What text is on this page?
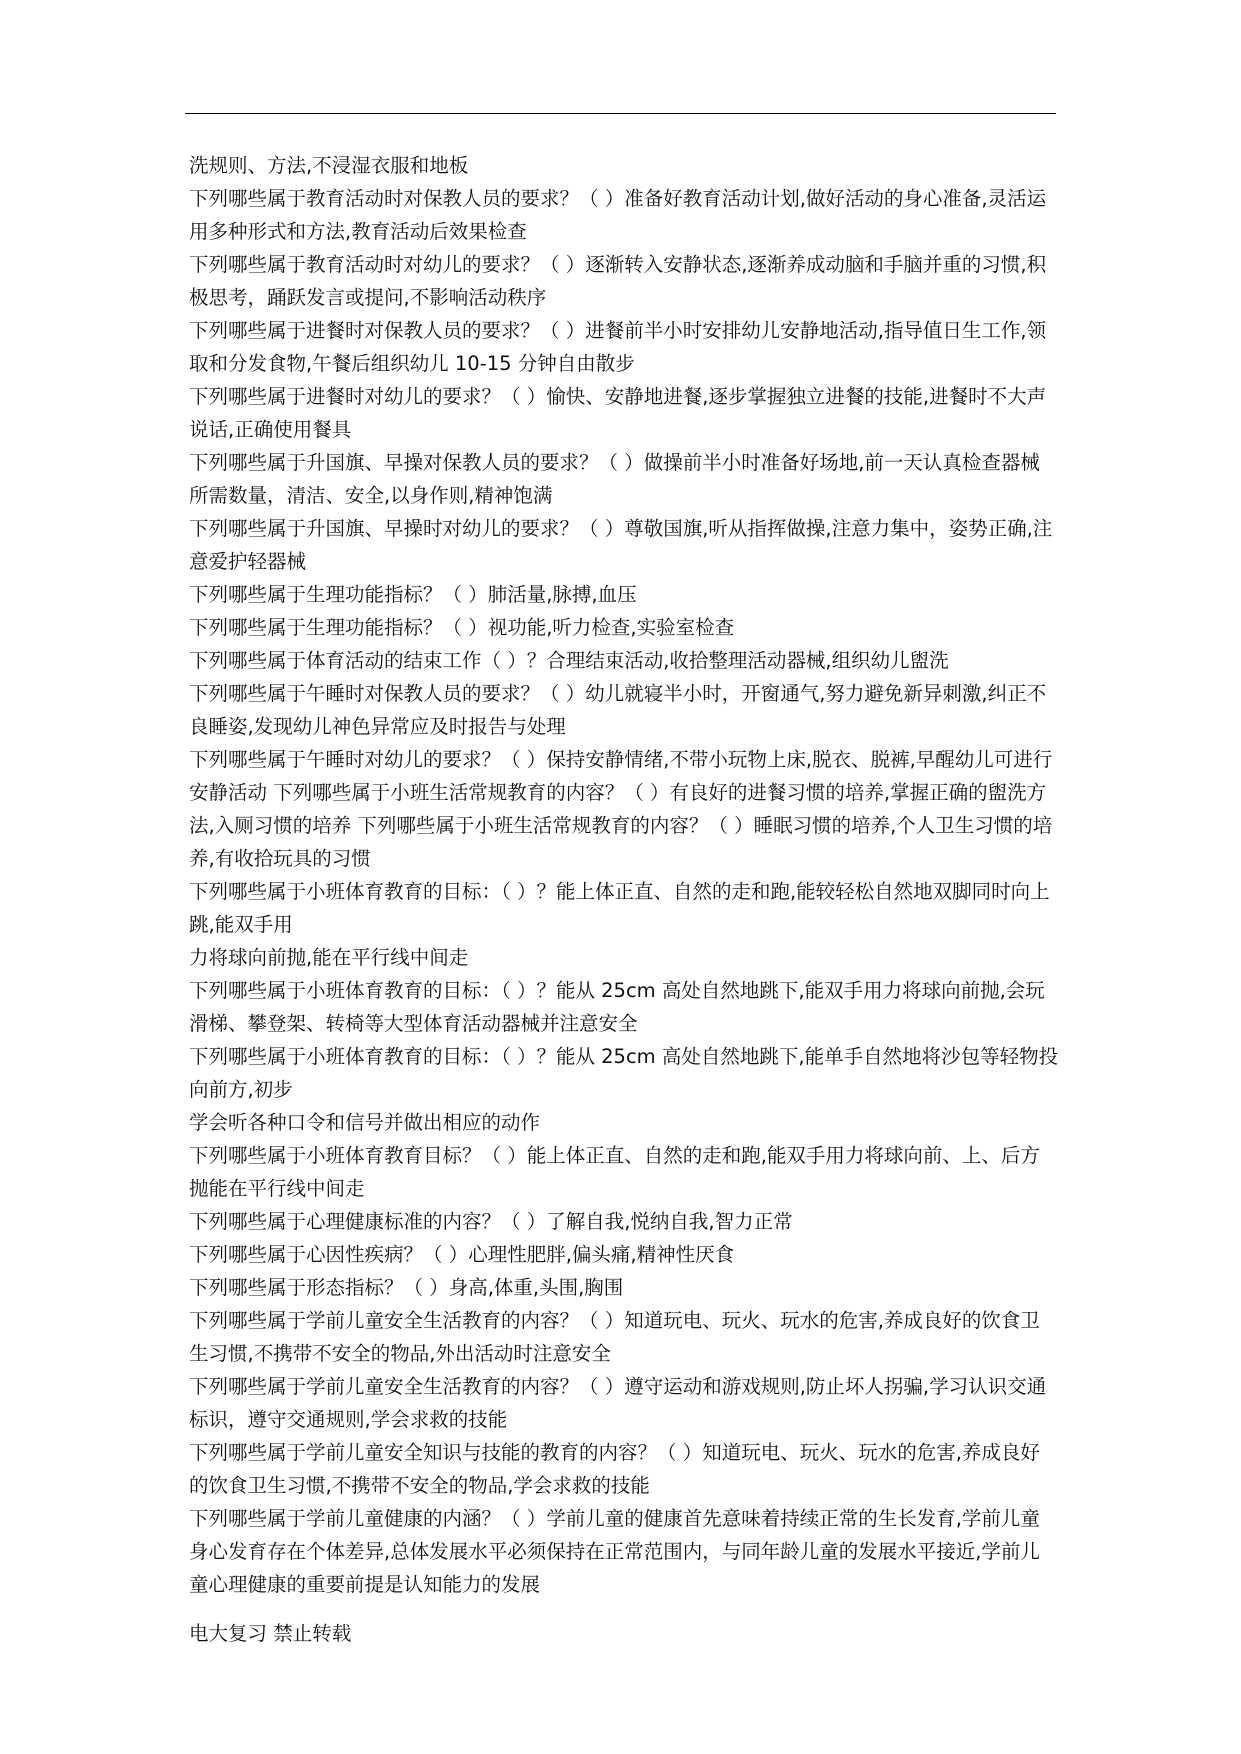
洗规则、方法,不浸湿衣服和地板
下列哪些属于教育活动时对保教人员的要求？（ ）准备好教育活动计划,做好活动的身心准备,灵活运用多种形式和方法,教育活动后效果检查
下列哪些属于教育活动时对幼儿的要求？（ ）逐渐转入安静状态,逐渐养成动脑和手脑并重的习惯,积极思考，踊跃发言或提问,不影响活动秩序
下列哪些属于进餐时对保教人员的要求？（ ）进餐前半小时安排幼儿安静地活动,指导值日生工作,领取和分发食物,午餐后组织幼儿 10-15 分钟自由散步
下列哪些属于进餐时对幼儿的要求？（ ）愉快、安静地进餐,逐步掌握独立进餐的技能,进餐时不大声说话,正确使用餐具
下列哪些属于升国旗、早操对保教人员的要求？（ ）做操前半小时准备好场地,前一天认真检查器械所需数量，清洁、安全,以身作则,精神饱满
下列哪些属于升国旗、早操时对幼儿的要求？（ ）尊敬国旗,听从指挥做操,注意力集中，姿势正确,注意爱护轻器械
下列哪些属于生理功能指标？（ ）肺活量,脉搏,血压
下列哪些属于生理功能指标？（ ）视功能,听力检查,实验室检查
下列哪些属于体育活动的结束工作（ ）？合理结束活动,收拾整理活动器械,组织幼儿盥洗
下列哪些属于午睡时对保教人员的要求？（ ）幼儿就寝半小时，开窗通气,努力避免新异刺激,纠正不良睡姿,发现幼儿神色异常应及时报告与处理
下列哪些属于午睡时对幼儿的要求？（ ）保持安静情绪,不带小玩物上床,脱衣、脱裤,早醒幼儿可进行安静活动 下列哪些属于小班生活常规教育的内容？（ ）有良好的进餐习惯的培养,掌握正确的盥洗方法,入厕习惯的培养 下列哪些属于小班生活常规教育的内容？（ ）睡眠习惯的培养,个人卫生习惯的培养,有收拾玩具的习惯
下列哪些属于小班体育教育的目标：（ ）？能上体正直、自然的走和跑,能较轻松自然地双脚同时向上跳,能双手用
力将球向前抛,能在平行线中间走
下列哪些属于小班体育教育的目标：（ ）？能从 25cm 高处自然地跳下,能双手用力将球向前抛,会玩滑梯、攀登架、转椅等大型体育活动器械并注意安全
下列哪些属于小班体育教育的目标：（ ）？能从 25cm 高处自然地跳下,能单手自然地将沙包等轻物投向前方,初步
学会听各种口令和信号并做出相应的动作
下列哪些属于小班体育教育目标？（ ）能上体正直、自然的走和跑,能双手用力将球向前、上、后方抛能在平行线中间走
下列哪些属于心理健康标准的内容？（ ）了解自我,悦纳自我,智力正常
下列哪些属于心因性疾病？（ ）心理性肥胖,偏头痛,精神性厌食
下列哪些属于形态指标？（ ）身高,体重,头围,胸围
下列哪些属于学前儿童安全生活教育的内容？（ ）知道玩电、玩火、玩水的危害,养成良好的饮食卫生习惯,不携带不安全的物品,外出活动时注意安全
下列哪些属于学前儿童安全生活教育的内容？（ ）遵守运动和游戏规则,防止坏人拐骗,学习认识交通标识，遵守交通规则,学会求救的技能
下列哪些属于学前儿童安全知识与技能的教育的内容？（ ）知道玩电、玩火、玩水的危害,养成良好的饮食卫生习惯,不携带不安全的物品,学会求救的技能
下列哪些属于学前儿童健康的内涵？（ ）学前儿童的健康首先意味着持续正常的生长发育,学前儿童身心发育存在个体差异,总体发展水平必须保持在正常范围内，与同年龄儿童的发展水平接近,学前儿童心理健康的重要前提是认知能力的发展
电大复习 禁止转载
